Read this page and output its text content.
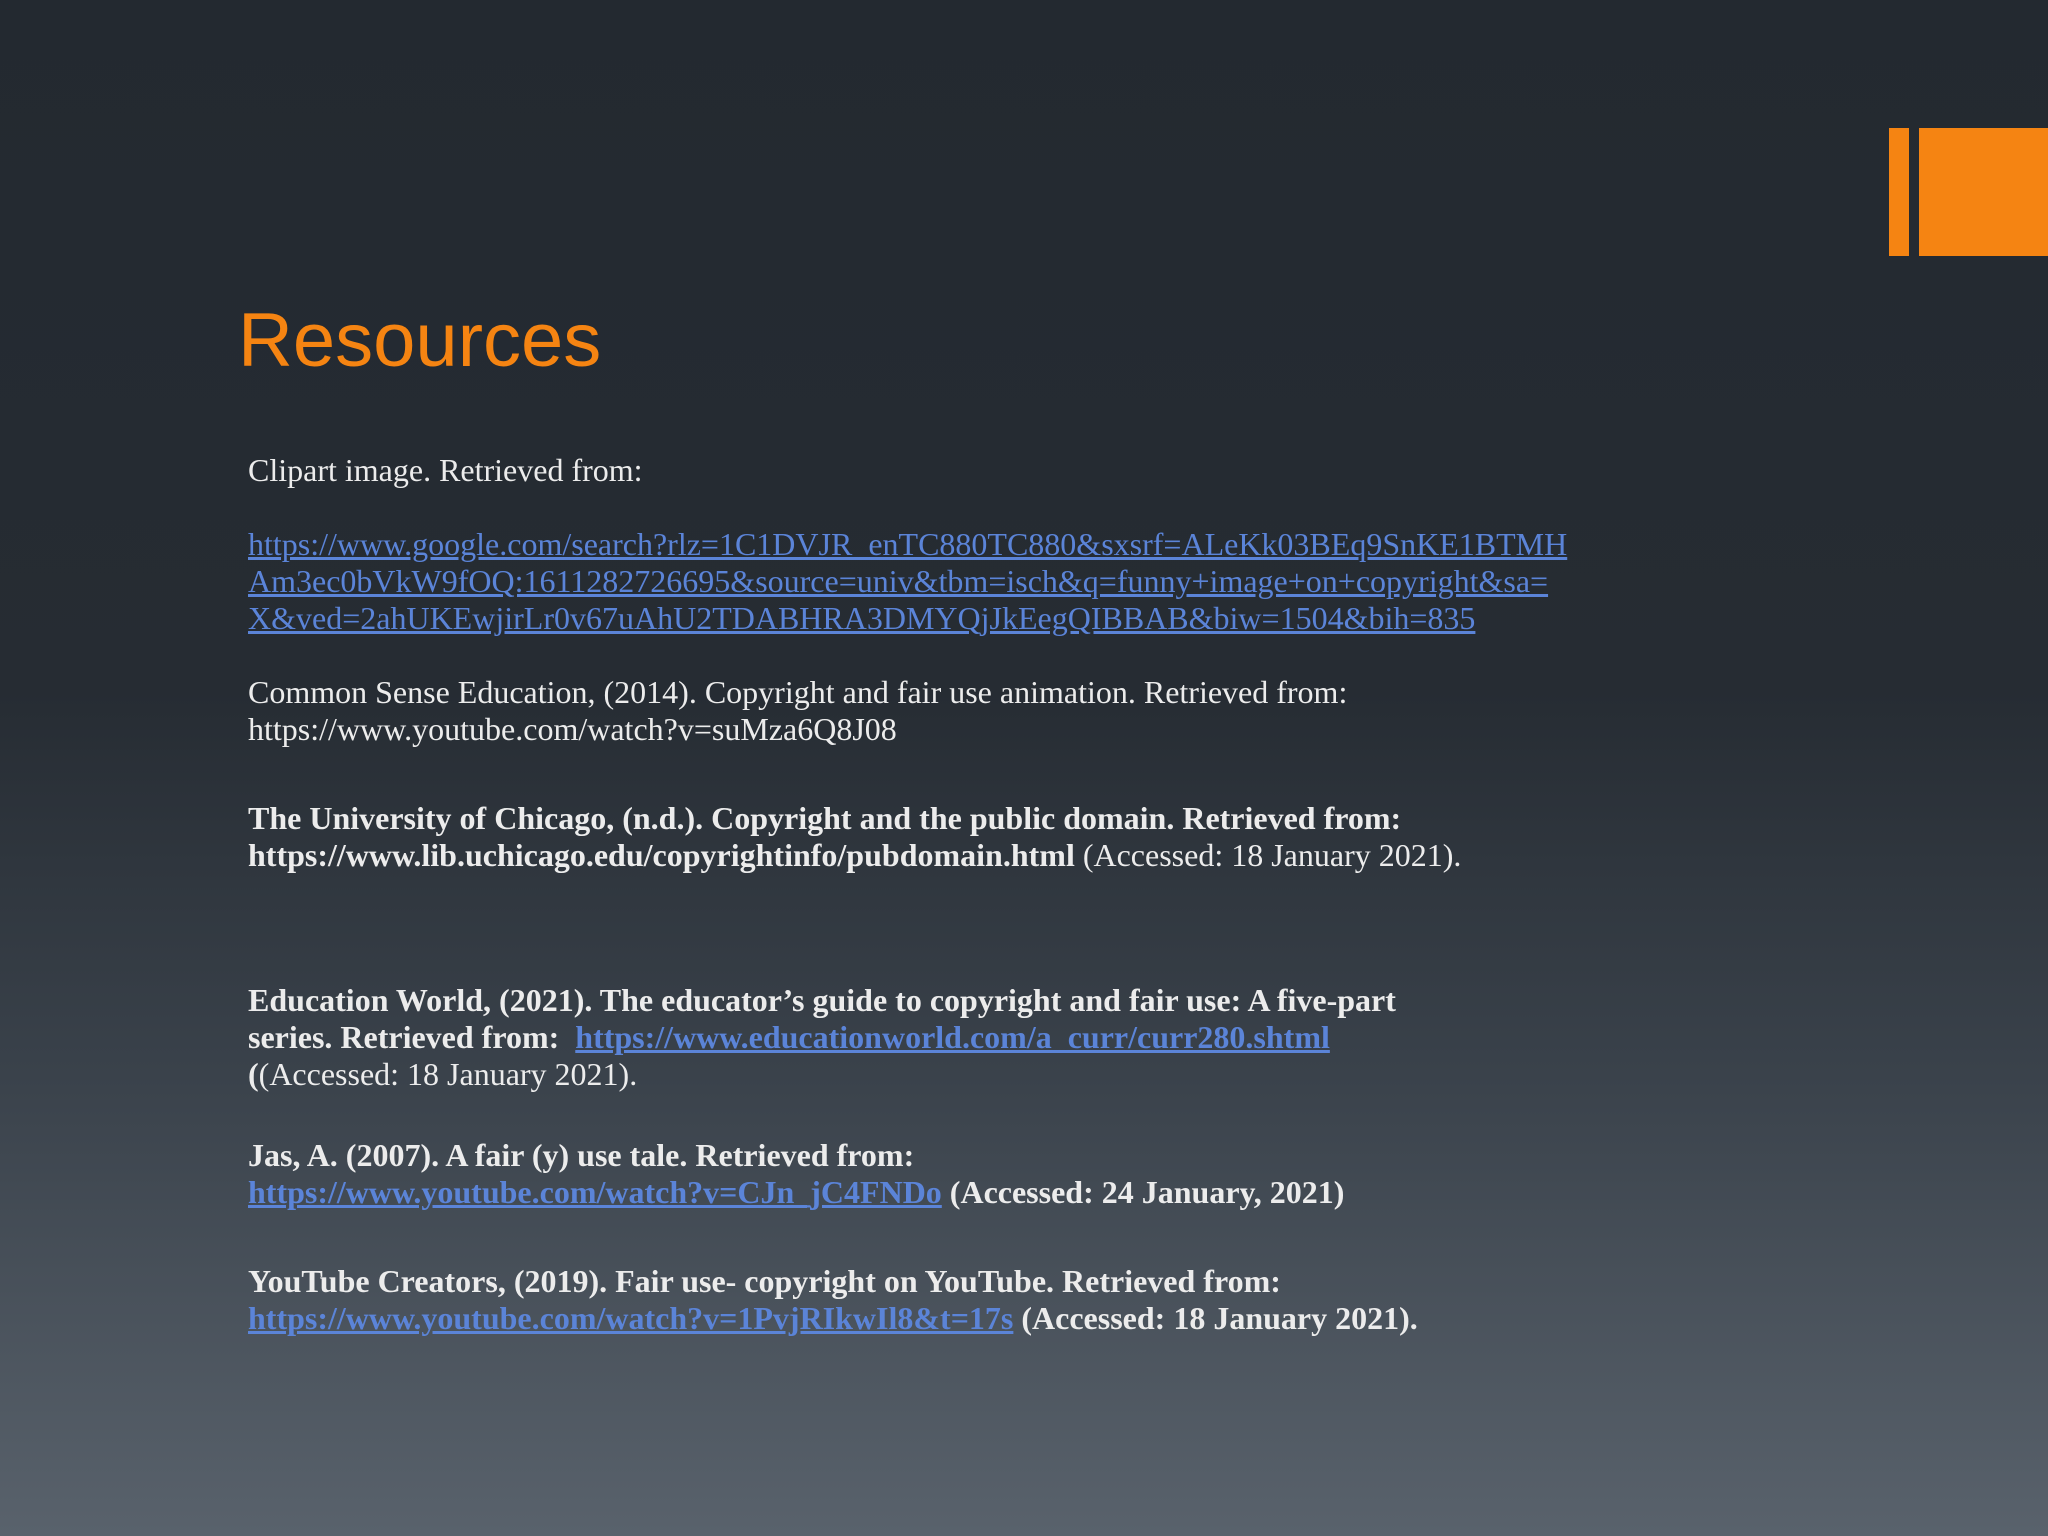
Resources

Clipart image. Retrieved from:

https://www.google.com/search?rlz=1C1DVJR_enTC880TC880&sxsrf=ALeKk03BEq9SnKE1BTMHAm3ec0bVkW9fOQ:1611282726695&source=univ&tbm=isch&q=funny+image+on+copyright&sa=X&ved=2ahUKEwjirLr0v67uAhU2TDABHRA3DMYQjJkEegQIBBAB&biw=1504&bih=835

Common Sense Education, (2014). Copyright and fair use animation. Retrieved from:
https://www.youtube.com/watch?v=suMza6Q8J08

The University of Chicago, (n.d.). Copyright and the public domain. Retrieved from:
https://www.lib.uchicago.edu/copyrightinfo/pubdomain.html (Accessed: 18 January 2021).

Education World, (2021). The educator’s guide to copyright and fair use: A five-part
series. Retrieved from:  https://www.educationworld.com/a_curr/curr280.shtml
((Accessed: 18 January 2021).

Jas, A. (2007). A fair (y) use tale. Retrieved from:
https://www.youtube.com/watch?v=CJn_jC4FNDo (Accessed: 24 January, 2021)

YouTube Creators, (2019). Fair use- copyright on YouTube. Retrieved from:
https://www.youtube.com/watch?v=1PvjRIkwIl8&t=17s (Accessed: 18 January 2021).
